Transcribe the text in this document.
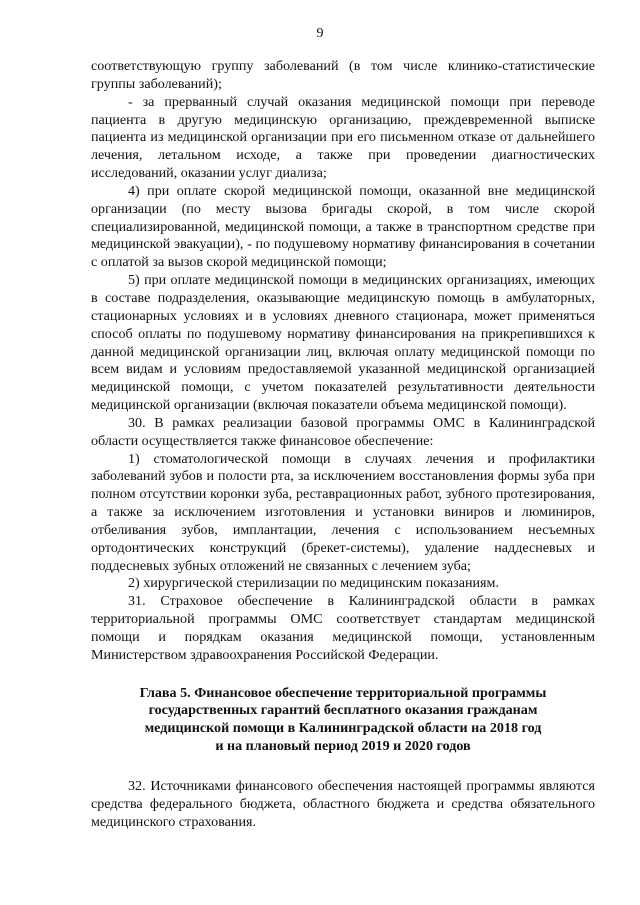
9

соответствующую группу заболеваний (в том числе клинико-статистические группы заболеваний);

- за прерванный случай оказания медицинской помощи при переводе пациента в другую медицинскую организацию, преждевременной выписке пациента из медицинской организации при его письменном отказе от дальнейшего лечения, летальном исходе, а также при проведении диагностических исследований, оказании услуг диализа;

4) при оплате скорой медицинской помощи, оказанной вне медицинской организации (по месту вызова бригады скорой, в том числе скорой специализированной, медицинской помощи, а также в транспортном средстве при медицинской эвакуации), - по подушевому нормативу финансирования в сочетании с оплатой за вызов скорой медицинской помощи;

5) при оплате медицинской помощи в медицинских организациях, имеющих в составе подразделения, оказывающие медицинскую помощь в амбулаторных, стационарных условиях и в условиях дневного стационара, может применяться способ оплаты по подушевому нормативу финансирования на прикрепившихся к данной медицинской организации лиц, включая оплату медицинской помощи по всем видам и условиям предоставляемой указанной медицинской организацией медицинской помощи, с учетом показателей результативности деятельности медицинской организации (включая показатели объема медицинской помощи).

30. В рамках реализации базовой программы ОМС в Калининградской области осуществляется также финансовое обеспечение:

1) стоматологической помощи в случаях лечения и профилактики заболеваний зубов и полости рта, за исключением восстановления формы зуба при полном отсутствии коронки зуба, реставрационных работ, зубного протезирования, а также за исключением изготовления и установки виниров и люминиров, отбеливания зубов, имплантации, лечения с использованием несъемных ортодонтических конструкций (брекет-системы), удаление наддесневых и поддесневых зубных отложений не связанных с лечением зуба;

2) хирургической стерилизации по медицинским показаниям.

31. Страховое обеспечение в Калининградской области в рамках территориальной программы ОМС соответствует стандартам медицинской помощи и порядкам оказания медицинской помощи, установленным Министерством здравоохранения Российской Федерации.

Глава 5. Финансовое обеспечение территориальной программы
государственных гарантий бесплатного оказания гражданам
медицинской помощи в Калининградской области на 2018 год
и на плановый период 2019 и 2020 годов

32. Источниками финансового обеспечения настоящей программы являются средства федерального бюджета, областного бюджета и средства обязательного медицинского страхования.
